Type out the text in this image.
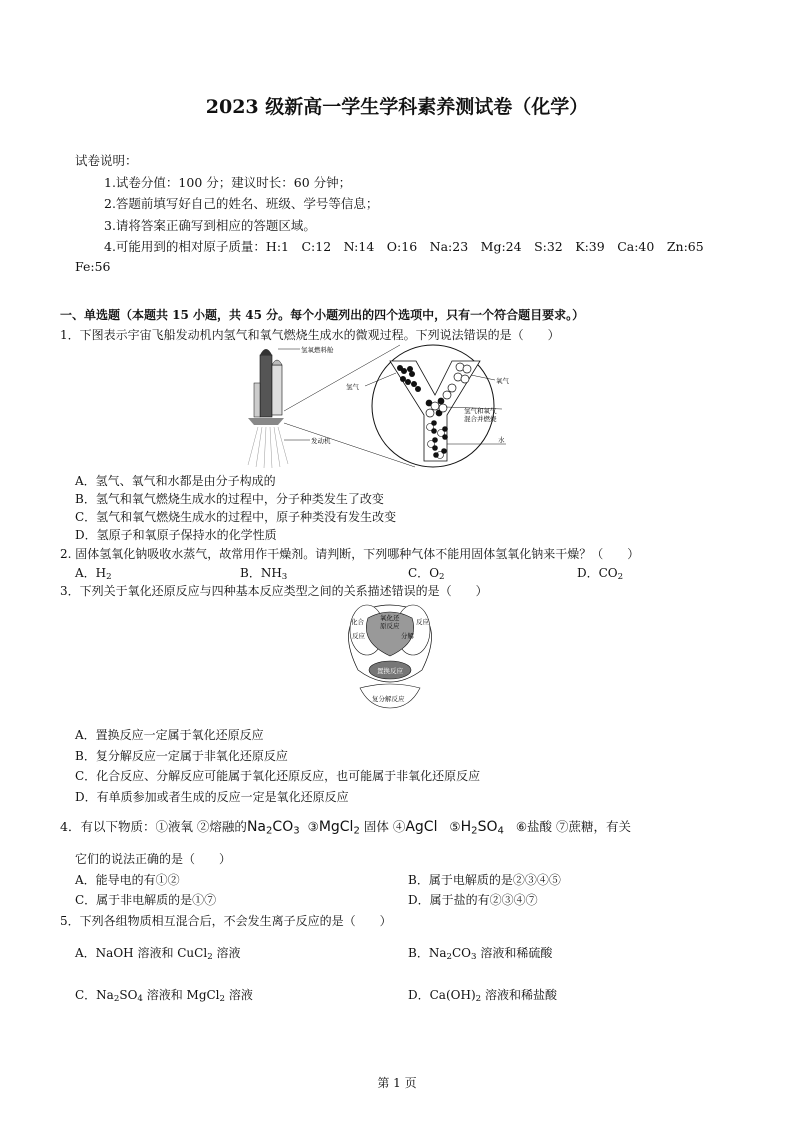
2023 级新高一学生学科素养测试卷（化学）
试卷说明：
1.试卷分值：100 分；建议时长：60 分钟；
2.答题前填写好自己的姓名、班级、学号等信息；
3.请将答案正确写到相应的答题区域。
4.可能用到的相对原子质量：H:1　C:12　N:14　O:16　Na:23　Mg:24　S:32　K:39　Ca:40　Zn:65
Fe:56
一、单选题（本题共 15 小题，共 45 分。每个小题列出的四个选项中，只有一个符合题目要求。）
1．下图表示宇宙飞船发动机内氢气和氧气燃烧生成水的微观过程。下列说法错误的是（　　）
氢氧燃料舱
发动机
氢气
氧气
氢气和氧气
混合并燃烧
水
A．氢气、氧气和水都是由分子构成的
B．氢气和氧气燃烧生成水的过程中，分子种类发生了改变
C．氢气和氧气燃烧生成水的过程中，原子种类没有发生改变
D．氢原子和氧原子保持水的化学性质
2. 固体氢氧化钠吸收水蒸气，故常用作干燥剂。请判断，下列哪种气体不能用固体氢氧化钠来干燥？（　　）
A．$H_2$	B．$NH_3$	C．$O_2$	D．$CO_2$
3．下列关于氧化还原反应与四种基本反应类型之间的关系描述错误的是（　　）
化合
反应
氧化还
原反应	反应
分解
置换反应
复分解反应
A．置换反应一定属于氧化还原反应
B．复分解反应一定属于非氧化还原反应
C．化合反应、分解反应可能属于氧化还原反应，也可能属于非氧化还原反应
D．有单质参加或者生成的反应一定是氧化还原反应
4．有以下物质：①液氧 ②熔融的$Na_2CO_3$ ③MgCl$_2$ 固体 ④AgCl $⑤H_2SO_4$ ⑥盐酸 ⑦蔗糖，有关
它们的说法正确的是（　　）
A．能导电的有①②	B．属于电解质的是②③④⑤
C．属于非电解质的是①⑦	D．属于盐的有②③④⑦
5．下列各组物质相互混合后，不会发生离子反应的是（　　）
A．NaOH 溶液和 CuCl$_2$ 溶液	B．$Na_2CO_3$ 溶液和稀硫酸
C．$Na_2SO_4$ 溶液和 MgCl$_2$ 溶液	D．$Ca(OH)_2$ 溶液和稀盐酸
第 1 页
